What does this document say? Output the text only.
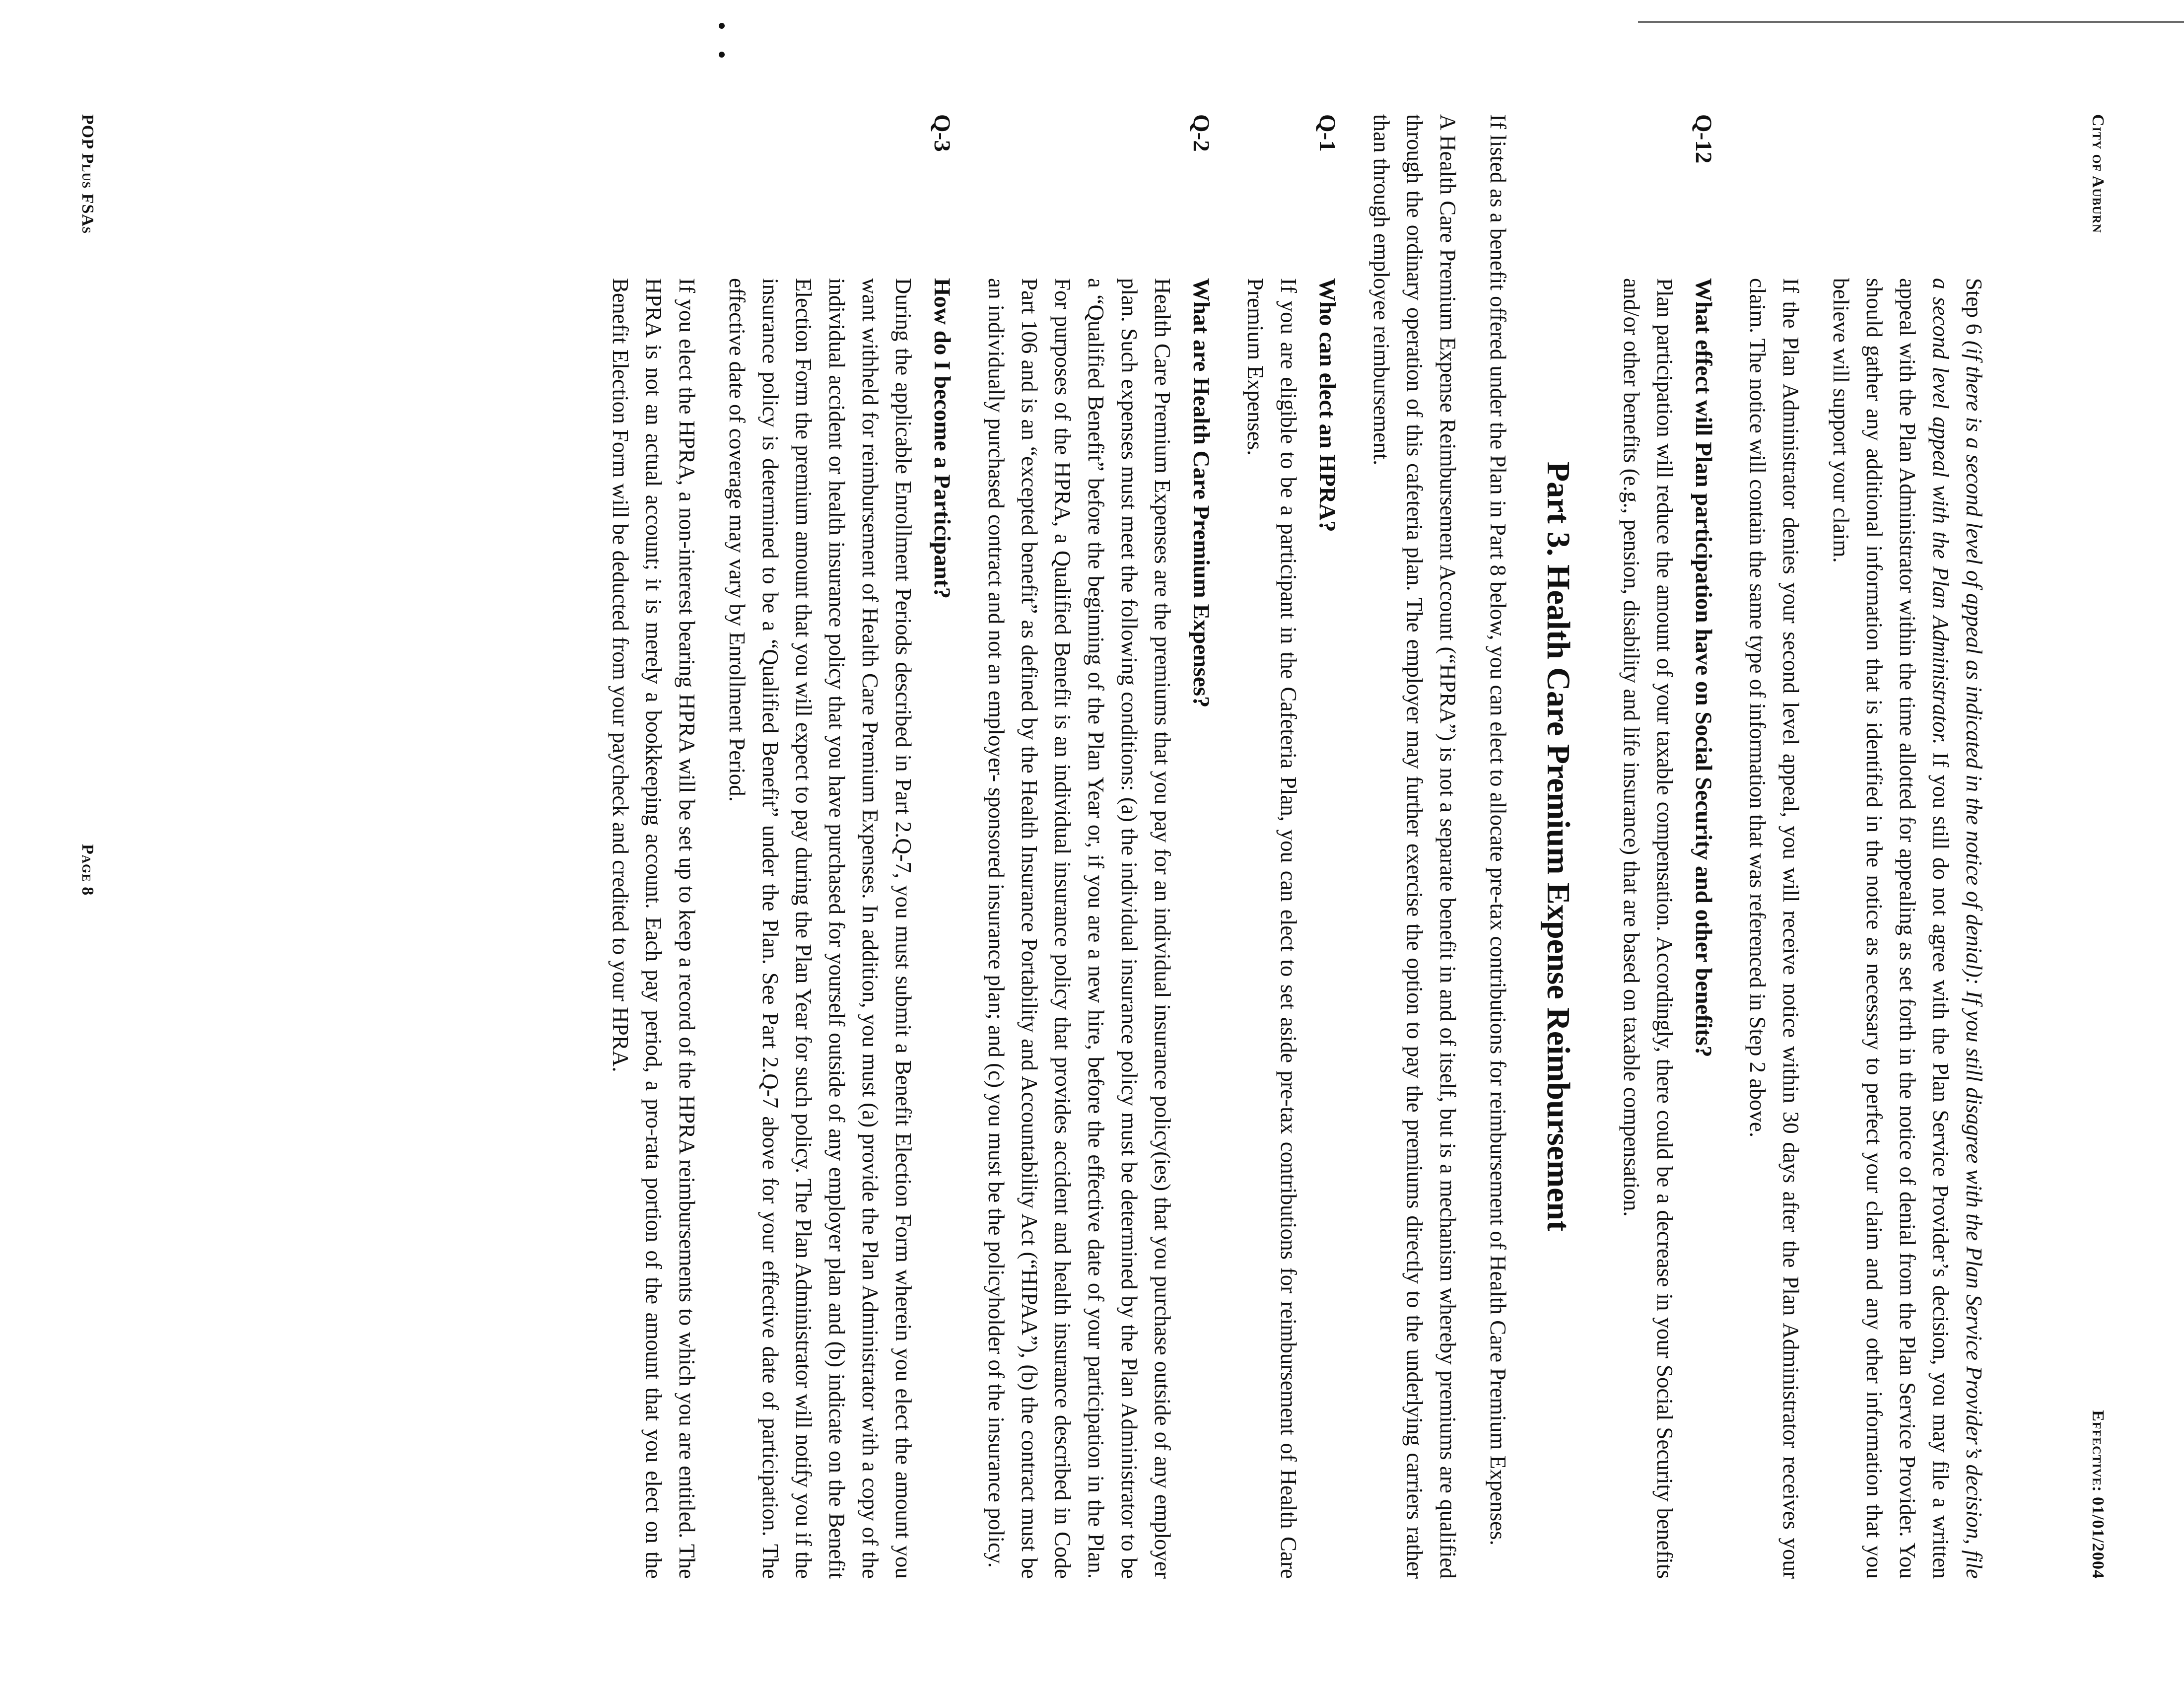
City of Auburn
Effective: 01/01/2004

Step 6 (if there is a second level of appeal as indicated in the notice of denial): If you still disagree with the Plan Service Provider’s decision, file a second level appeal with the Plan Administrator. If you still do not agree with the Plan Service Provider’s decision, you may file a written appeal with the Plan Administrator within the time allotted for appealing as set forth in the notice of denial from the Plan Service Provider. You should gather any additional information that is identified in the notice as necessary to perfect your claim and any other information that you believe will support your claim.

If the Plan Administrator denies your second level appeal, you will receive notice within 30 days after the Plan Administrator receives your claim. The notice will contain the same type of information that was referenced in Step 2 above.

Q-12
What effect will Plan participation have on Social Security and other benefits?

Plan participation will reduce the amount of your taxable compensation. Accordingly, there could be a decrease in your Social Security benefits and/or other benefits (e.g., pension, disability and life insurance) that are based on taxable compensation.

Part 3. Health Care Premium Expense Reimbursement

If listed as a benefit offered under the Plan in Part 8 below, you can elect to allocate pre-tax contributions for reimbursement of Health Care Premium Expenses.

A Health Care Premium Expense Reimbursement Account (“HPRA”) is not a separate benefit in and of itself, but is a mechanism whereby premiums are qualified through the ordinary operation of this cafeteria plan. The employer may further exercise the option to pay the premiums directly to the underlying carriers rather than through employee reimbursement.

Q-1
Who can elect an HPRA?

If you are eligible to be a participant in the Cafeteria Plan, you can elect to set aside pre-tax contributions for reimbursement of Health Care Premium Expenses.

Q-2
What are Health Care Premium Expenses?

Health Care Premium Expenses are the premiums that you pay for an individual insurance policy(ies) that you purchase outside of any employer plan. Such expenses must meet the following conditions: (a) the individual insurance policy must be determined by the Plan Administrator to be a “Qualified Benefit” before the beginning of the Plan Year or, if you are a new hire, before the effective date of your participation in the Plan. For purposes of the HPRA, a Qualified Benefit is an individual insurance policy that provides accident and health insurance described in Code Part 106 and is an “excepted benefit” as defined by the Health Insurance Portability and Accountability Act (“HIPAA”), (b) the contract must be an individually purchased contract and not an employer- sponsored insurance plan; and (c) you must be the policyholder of the insurance policy.

Q-3
How do I become a Participant?

During the applicable Enrollment Periods described in Part 2.Q-7, you must submit a Benefit Election Form wherein you elect the amount you want withheld for reimbursement of Health Care Premium Expenses. In addition, you must (a) provide the Plan Administrator with a copy of the individual accident or health insurance policy that you have purchased for yourself outside of any employer plan and (b) indicate on the Benefit Election Form the premium amount that you will expect to pay during the Plan Year for such policy. The Plan Administrator will notify you if the insurance policy is determined to be a “Qualified Benefit” under the Plan. See Part 2.Q-7 above for your effective date of participation. The effective date of coverage may vary by Enrollment Period.

If you elect the HPRA, a non-interest bearing HPRA will be set up to keep a record of the HPRA reimbursements to which you are entitled. The HPRA is not an actual account; it is merely a bookkeeping account. Each pay period, a pro-rata portion of the amount that you elect on the Benefit Election Form will be deducted from your paycheck and credited to your HPRA.

POP Plus FSAs
Page 8
